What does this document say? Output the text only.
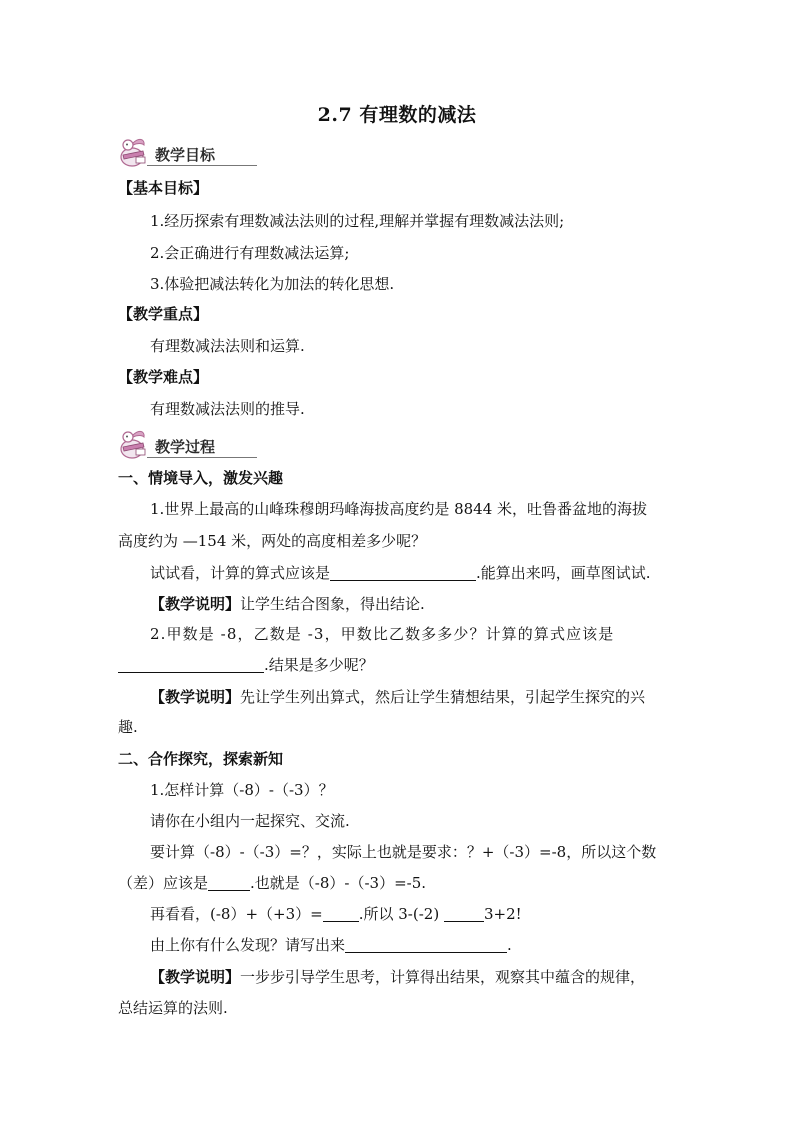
2.7 有理数的减法
教学目标
【基本目标】
1.经历探索有理数减法法则的过程,理解并掌握有理数减法法则;
2.会正确进行有理数减法运算;
3.体验把减法转化为加法的转化思想.
【教学重点】
有理数减法法则和运算.
【教学难点】
有理数减法法则的推导.
教学过程
一、情境导入，激发兴趣
1.世界上最高的山峰珠穆朗玛峰海拔高度约是 8844 米，吐鲁番盆地的海拔
高度约为 —154 米，两处的高度相差多少呢？
试试看，计算的算式应该是	.能算出来吗，画草图试试.
【教学说明】让学生结合图象，得出结论.
2.甲数是 -8，乙数是 -3，甲数比乙数多多少？计算的算式应该是
.结果是多少呢？
【教学说明】先让学生列出算式，然后让学生猜想结果，引起学生探究的兴
趣.
二、合作探究，探索新知
1.怎样计算（-8）-（-3）？
请你在小组内一起探究、交流.
要计算（-8）-（-3）=？，实际上也就是要求：？+（-3）=-8，所以这个数
（差）应该是	.也就是（-8）-（-3）=-5.
再看看，(-8）+（+3）= .所以 3-(-2)	3+2!
由上你有什么发现？请写出来	.
【教学说明】一步步引导学生思考，计算得出结果，观察其中蕴含的规律，
总结运算的法则.
